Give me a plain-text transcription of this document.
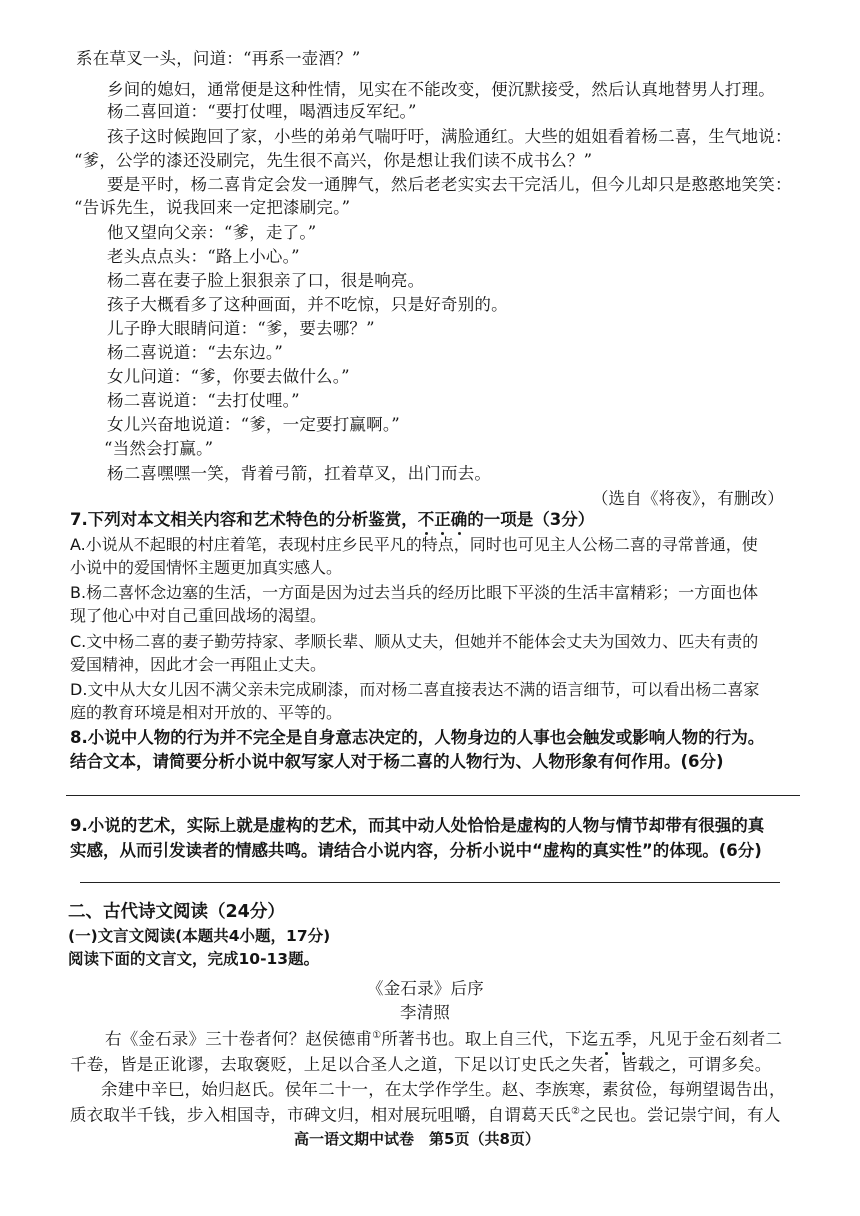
系在草叉一头，问道：“再系一壶酒？”
乡间的媳妇，通常便是这种性情，见实在不能改变，便沉默接受，然后认真地替男人打理。
杨二喜回道：“要打仗哩，喝酒违反军纪。”
孩子这时候跑回了家，小些的弟弟气喘吁吁，满脸通红。大些的姐姐看着杨二喜，生气地说：
“爹，公学的漆还没刷完，先生很不高兴，你是想让我们读不成书么？”
要是平时，杨二喜肯定会发一通脾气，然后老老实实去干完活儿，但今儿却只是憨憨地笑笑：
“告诉先生，说我回来一定把漆刷完。”
他又望向父亲：“爹，走了。”
老头点点头：“路上小心。”
杨二喜在妻子脸上狠狠亲了口，很是响亮。
孩子大概看多了这种画面，并不吃惊，只是好奇别的。
儿子睁大眼睛问道：“爹，要去哪？”
杨二喜说道：“去东边。”
女儿问道：“爹，你要去做什么。”
杨二喜说道：“去打仗哩。”
女儿兴奋地说道：“爹，一定要打赢啊。”
“当然会打赢。”
杨二喜嘿嘿一笑，背着弓箭，扛着草叉，出门而去。
（选自《将夜》，有删改）
7.下列对本文相关内容和艺术特色的分析鉴赏，不正确的一项是（3分）
A.小说从不起眼的村庄着笔，表现村庄乡民平凡的特点，同时也可见主人公杨二喜的寻常普通，使
小说中的爱国情怀主题更加真实感人。
B.杨二喜怀念边塞的生活，一方面是因为过去当兵的经历比眼下平淡的生活丰富精彩；一方面也体
现了他心中对自己重回战场的渴望。
C.文中杨二喜的妻子勤劳持家、孝顺长辈、顺从丈夫，但她并不能体会丈夫为国效力、匹夫有责的
爱国精神，因此才会一再阻止丈夫。
D.文中从大女儿因不满父亲未完成刷漆，而对杨二喜直接表达不满的语言细节，可以看出杨二喜家
庭的教育环境是相对开放的、平等的。
8.小说中人物的行为并不完全是自身意志决定的，人物身边的人事也会触发或影响人物的行为。
结合文本，请简要分析小说中叙写家人对于杨二喜的人物行为、人物形象有何作用。(6分)
9.小说的艺术，实际上就是虚构的艺术，而其中动人处恰恰是虚构的人物与情节却带有很强的真
实感，从而引发读者的情感共鸣。请结合小说内容，分析小说中“虚构的真实性”的体现。(6分)
二、古代诗文阅读（24分）
(一)文言文阅读(本题共4小题，17分)
阅读下面的文言文，完成10-13题。
《金石录》后序
李清照
右《金石录》三十卷者何？赵侯德甫①所著书也。取上自三代，下迄五季，凡见于金石刻者二
千卷，皆是正讹谬，去取褒贬，上足以合圣人之道，下足以订史氏之失者，皆载之，可谓多矣。
余建中辛巳，始归赵氏。侯年二十一，在太学作学生。赵、李族寒，素贫俭，每朔望谒告出，
质衣取半千钱，步入相国寺，市碑文归，相对展玩咀嚼，自谓葛天氏②之民也。尝记崇宁间，有人
高一语文期中试卷　第5页（共8页）
